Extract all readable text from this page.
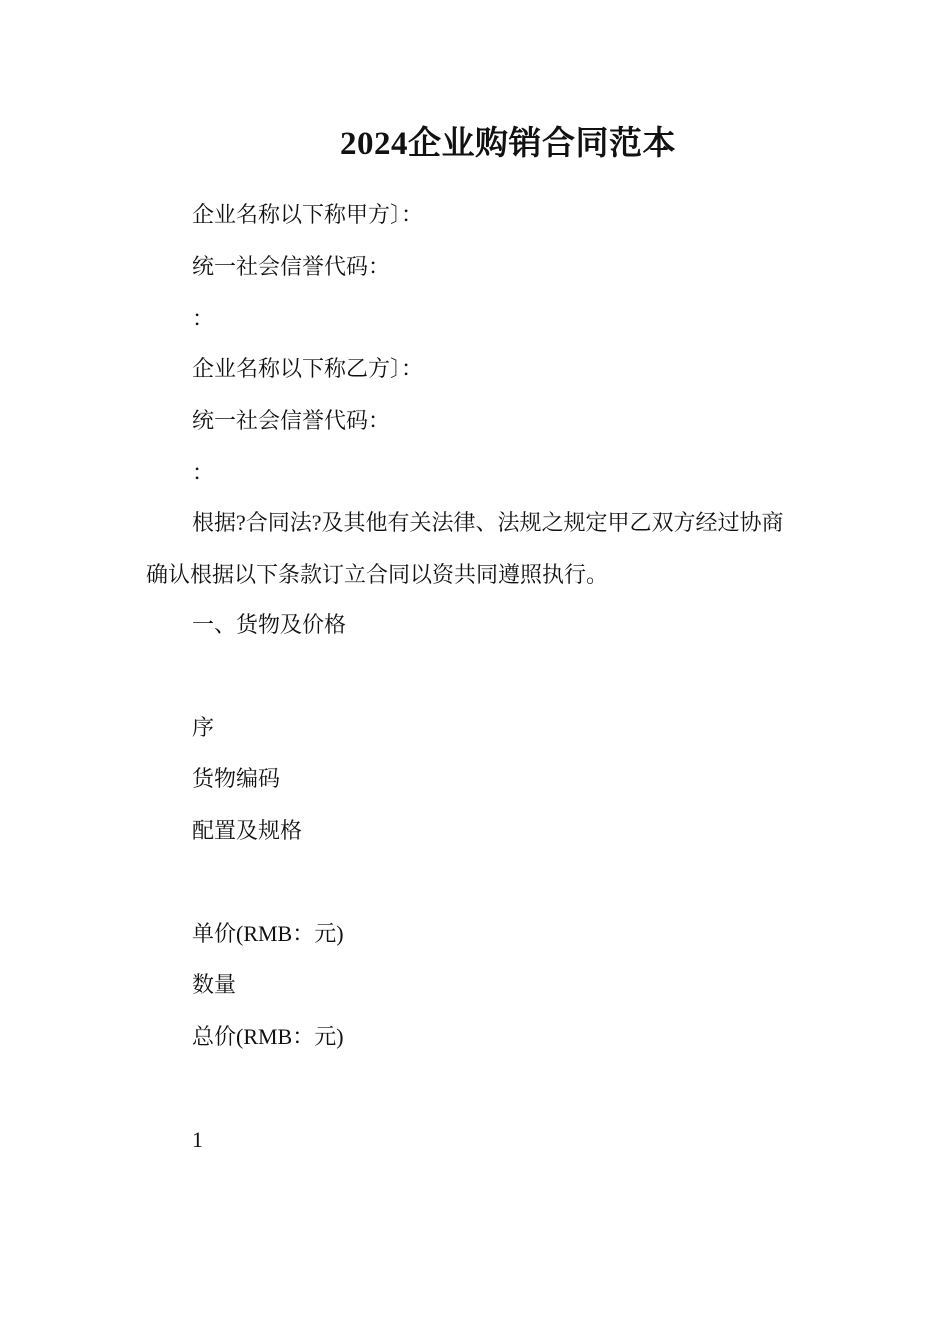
2024企业购销合同范本
企业名称以下称甲方〕：
统一社会信誉代码：
：
企业名称以下称乙方〕：
统一社会信誉代码：
：
根据?合同法?及其他有关法律、法规之规定甲乙双方经过协商
确认根据以下条款订立合同以资共同遵照执行。
一、货物及价格
序
货物编码
配置及规格
单价(RMB：元)
数量
总价(RMB：元)
1
